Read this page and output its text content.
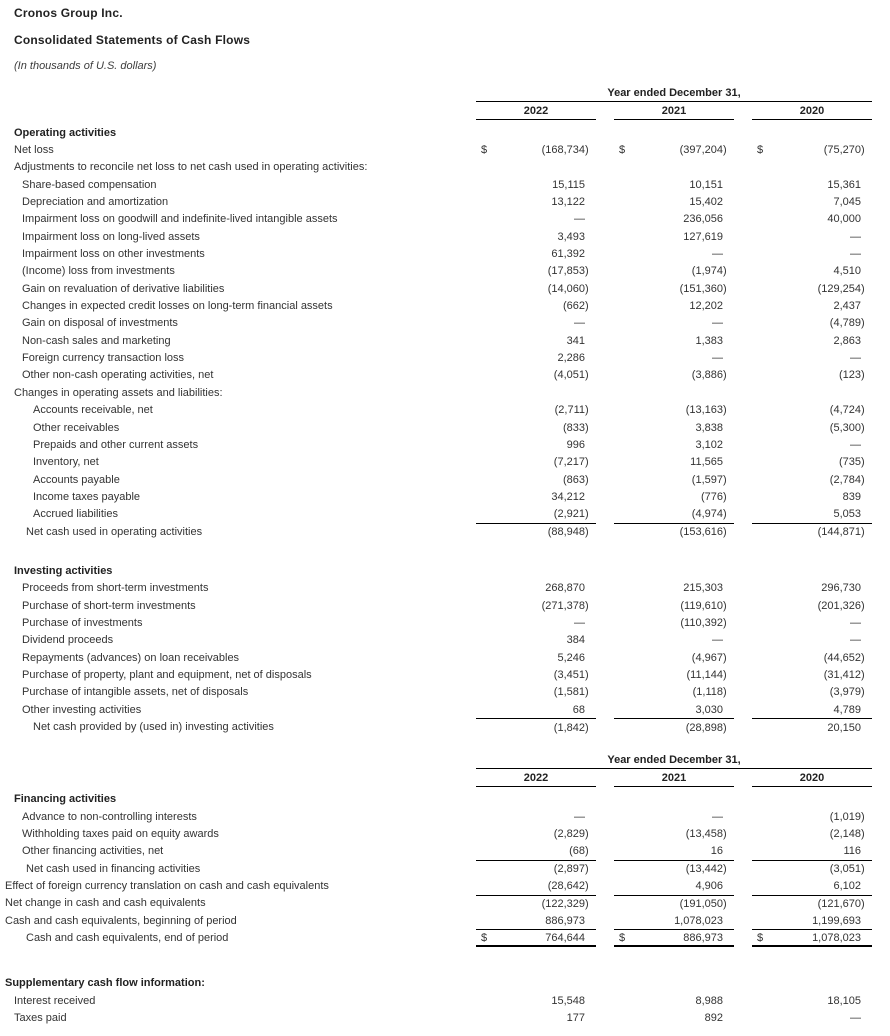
Cronos Group Inc.
Consolidated Statements of Cash Flows
(In thousands of U.S. dollars)
Year ended December 31,
2022	2021	2020
Operating activities
Net loss	$	(168,734 )	$	(397,204 )	$	(75,270 )
Adjustments to reconcile net loss to net cash used in operating activities:
Share-based compensation	15,115	10,151	15,361
Depreciation and amortization	13,122	15,402	7,045
Impairment loss on goodwill and indefinite-lived intangible assets	—	236,056	40,000
Impairment loss on long-lived assets	3,493	127,619	—
Impairment loss on other investments	61,392	—	—
(Income) loss from investments	(17,853 )	(1,974 )	4,510
Gain on revaluation of derivative liabilities	(14,060 )	(151,360 )	(129,254 )
Changes in expected credit losses on long-term financial assets	(662 )	12,202	2,437
Gain on disposal of investments	—	—	(4,789 )
Non-cash sales and marketing	341	1,383	2,863
Foreign currency transaction loss	2,286	—	—
Other non-cash operating activities, net	(4,051 )	(3,886 )	(123 )
Changes in operating assets and liabilities:
Accounts receivable, net	(2,711 )	(13,163 )	(4,724 )
Other receivables	(833 )	3,838	(5,300 )
Prepaids and other current assets	996	3,102	—
Inventory, net	(7,217 )	11,565	(735 )
Accounts payable	(863 )	(1,597 )	(2,784 )
Income taxes payable	34,212	(776 )	839
Accrued liabilities	(2,921 )	(4,974 )	5,053
Net cash used in operating activities	(88,948 )	(153,616 )	(144,871 )
Investing activities
Proceeds from short-term investments	268,870	215,303	296,730
Purchase of short-term investments	(271,378 )	(119,610 )	(201,326 )
Purchase of investments	—	(110,392 )	—
Dividend proceeds	384	—	—
Repayments (advances) on loan receivables	5,246	(4,967 )	(44,652 )
Purchase of property, plant and equipment, net of disposals	(3,451 )	(11,144 )	(31,412 )
Purchase of intangible assets, net of disposals	(1,581 )	(1,118 )	(3,979 )
Other investing activities	68	3,030	4,789
Net cash provided by (used in) investing activities	(1,842 )	(28,898 )	20,150
Year ended December 31,
2022	2021	2020
Financing activities
Advance to non-controlling interests	—	—	(1,019 )
Withholding taxes paid on equity awards	(2,829 )	(13,458 )	(2,148 )
Other financing activities, net	(68 )	16	116
Net cash used in financing activities	(2,897 )	(13,442 )	(3,051 )
Effect of foreign currency translation on cash and cash equivalents	(28,642 )	4,906	6,102
Net change in cash and cash equivalents	(122,329 )	(191,050 )	(121,670 )
Cash and cash equivalents, beginning of period	886,973	1,078,023	1,199,693
Cash and cash equivalents, end of period	$	764,644	$	886,973	$	1,078,023
Supplementary cash flow information:
Interest received	15,548	8,988	18,105
Taxes paid	177	892	—
